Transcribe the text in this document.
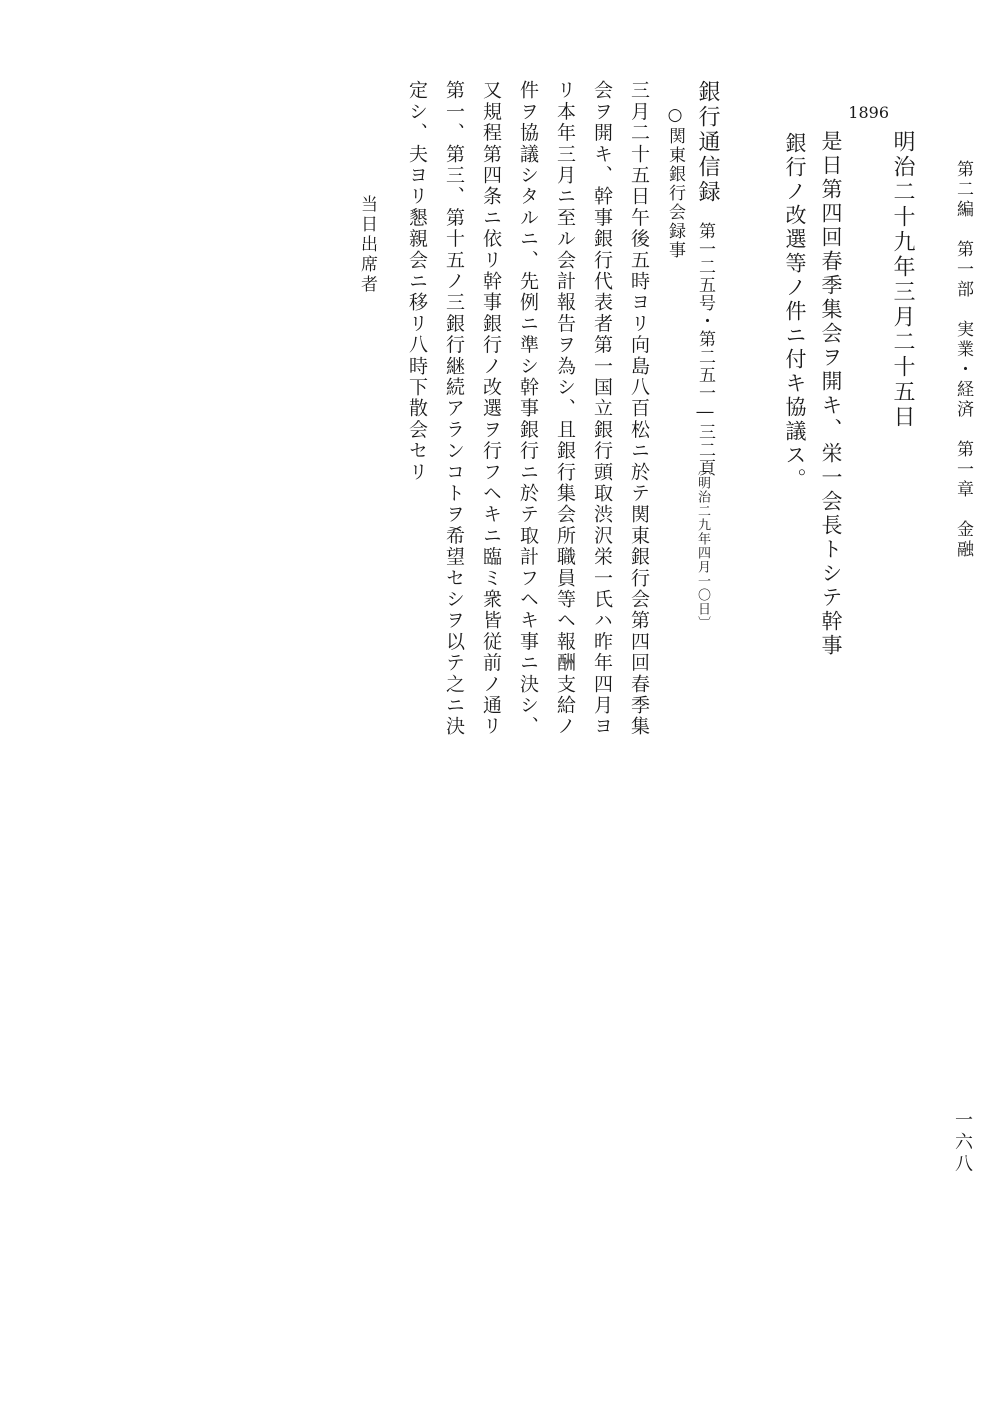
第二編　第一部　実業・経済　第一章　金融
一六八
1896
明治二十九年三月二十五日
是日第四回春季集会ヲ開キ、栄一会長トシテ幹事
銀行ノ改選等ノ件ニ付キ協議ス。
銀行通信録
第一二五号・第二五一―三二頁
〔明治二九年四月一〇日〕
○関東銀行会録事
三月二十五日午後五時ヨリ向島八百松ニ於テ関東銀行会第四回春季集
会ヲ開キ、幹事銀行代表者第一国立銀行頭取渋沢栄一氏ハ昨年四月ヨ
リ本年三月ニ至ル会計報告ヲ為シ、且銀行集会所職員等ヘ報酬支給ノ
件ヲ協議シタルニ、先例ニ準シ幹事銀行ニ於テ取計フヘキ事ニ決シ、
又規程第四条ニ依リ幹事銀行ノ改選ヲ行フヘキニ臨ミ衆皆従前ノ通リ
第一、第三、第十五ノ三銀行継続アランコトヲ希望セシヲ以テ之ニ決
定シ、夫ヨリ懇親会ニ移リ八時下散会セリ
当日出席者
